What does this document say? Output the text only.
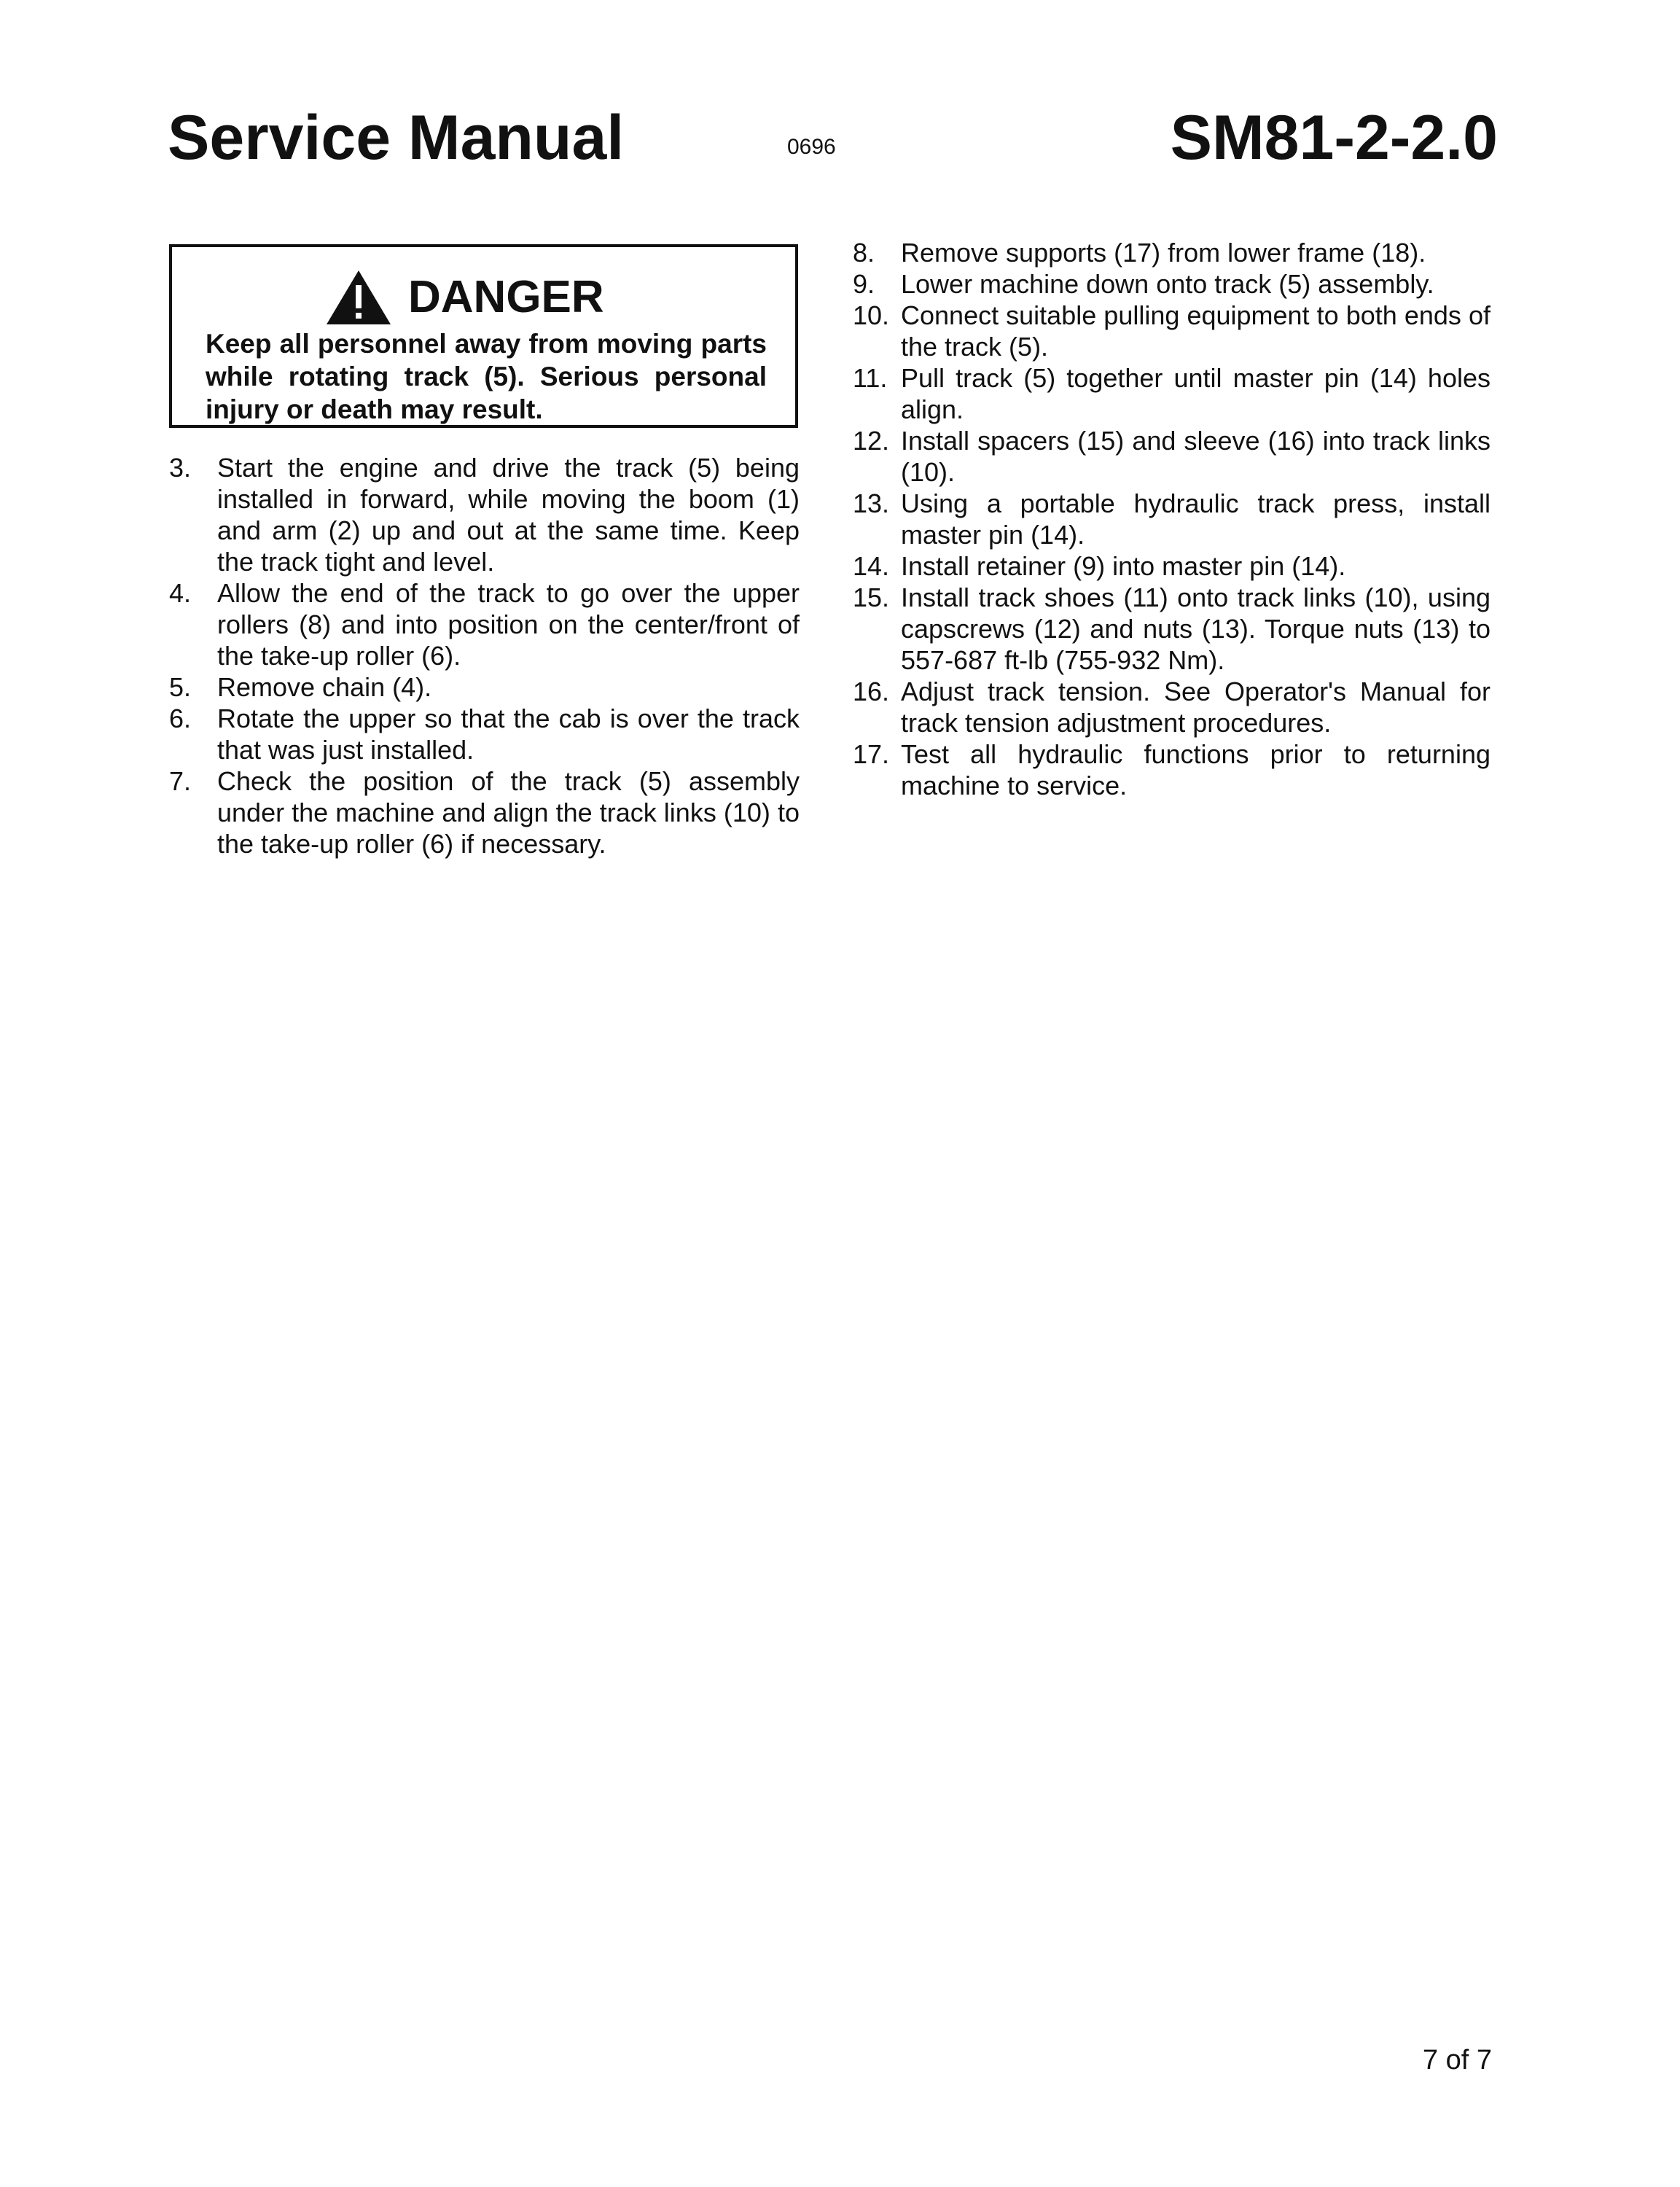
Service Manual	0696	SM81-2-2.0
DANGER
Keep all personnel away from moving parts while rotating track (5). Serious personal injury or death may result.
3. Start the engine and drive the track (5) being installed in forward, while moving the boom (1) and arm (2) up and out at the same time. Keep the track tight and level.
4. Allow the end of the track to go over the upper rollers (8) and into position on the center/front of the take-up roller (6).
5. Remove chain (4).
6. Rotate the upper so that the cab is over the track that was just installed.
7. Check the position of the track (5) assembly under the machine and align the track links (10) to the take-up roller (6) if necessary.
8. Remove supports (17) from lower frame (18).
9. Lower machine down onto track (5) assembly.
10. Connect suitable pulling equipment to both ends of the track (5).
11. Pull track (5) together until master pin (14) holes align.
12. Install spacers (15) and sleeve (16) into track links (10).
13. Using a portable hydraulic track press, install master pin (14).
14. Install retainer (9) into master pin (14).
15. Install track shoes (11) onto track links (10), using capscrews (12) and nuts (13). Torque nuts (13) to 557-687 ft-lb (755-932 Nm).
16. Adjust track tension. See Operator's Manual for track tension adjustment procedures.
17. Test all hydraulic functions prior to returning machine to service.
7 of 7
